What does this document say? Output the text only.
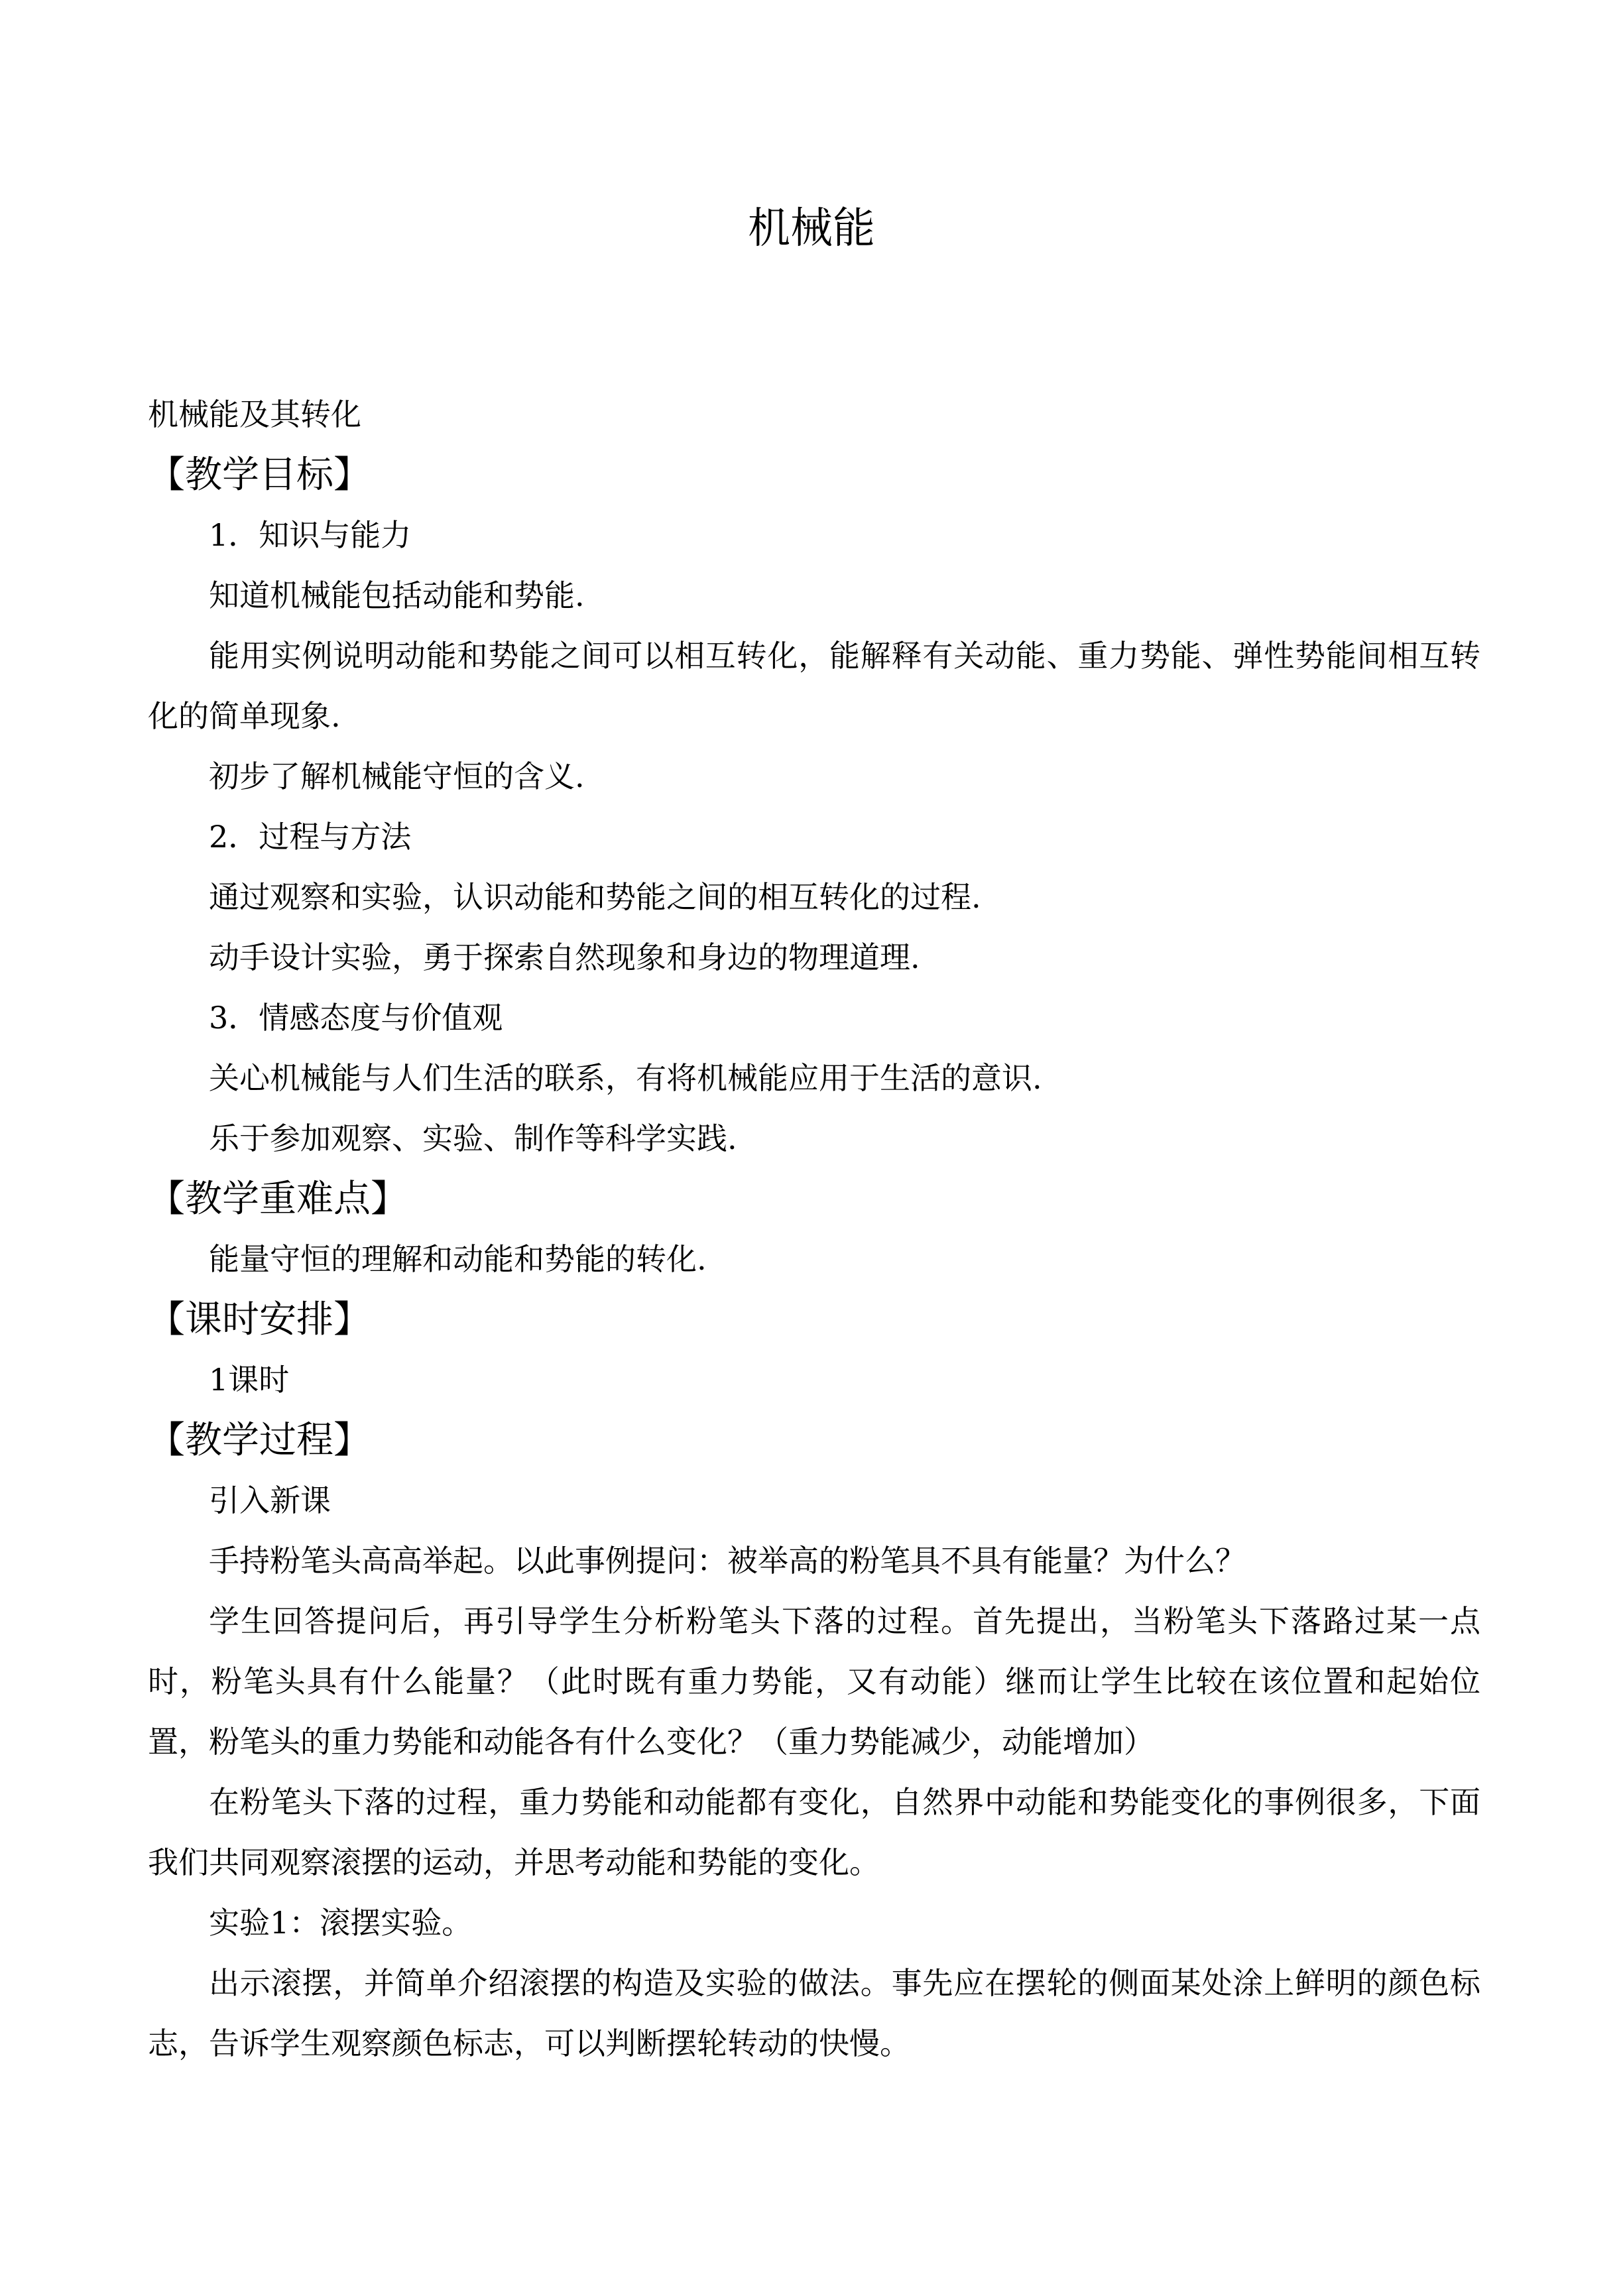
机械能

机械能及其转化

【教学目标】

1．知识与能力

知道机械能包括动能和势能.

能用实例说明动能和势能之间可以相互转化，能解释有关动能、重力势能、弹性势能间相互转化的简单现象.

初步了解机械能守恒的含义.

2．过程与方法

通过观察和实验，认识动能和势能之间的相互转化的过程.

动手设计实验，勇于探索自然现象和身边的物理道理.

3．情感态度与价值观

关心机械能与人们生活的联系，有将机械能应用于生活的意识.

乐于参加观察、实验、制作等科学实践.

【教学重难点】

能量守恒的理解和动能和势能的转化.

【课时安排】

1课时

【教学过程】

引入新课

手持粉笔头高高举起。以此事例提问：被举高的粉笔具不具有能量？为什么？

学生回答提问后，再引导学生分析粉笔头下落的过程。首先提出，当粉笔头下落路过某一点时，粉笔头具有什么能量？（此时既有重力势能，又有动能）继而让学生比较在该位置和起始位置，粉笔头的重力势能和动能各有什么变化？（重力势能减少，动能增加）

在粉笔头下落的过程，重力势能和动能都有变化，自然界中动能和势能变化的事例很多，下面我们共同观察滚摆的运动，并思考动能和势能的变化。

实验1：滚摆实验。

出示滚摆，并简单介绍滚摆的构造及实验的做法。事先应在摆轮的侧面某处涂上鲜明的颜色标志，告诉学生观察颜色标志，可以判断摆轮转动的快慢。
